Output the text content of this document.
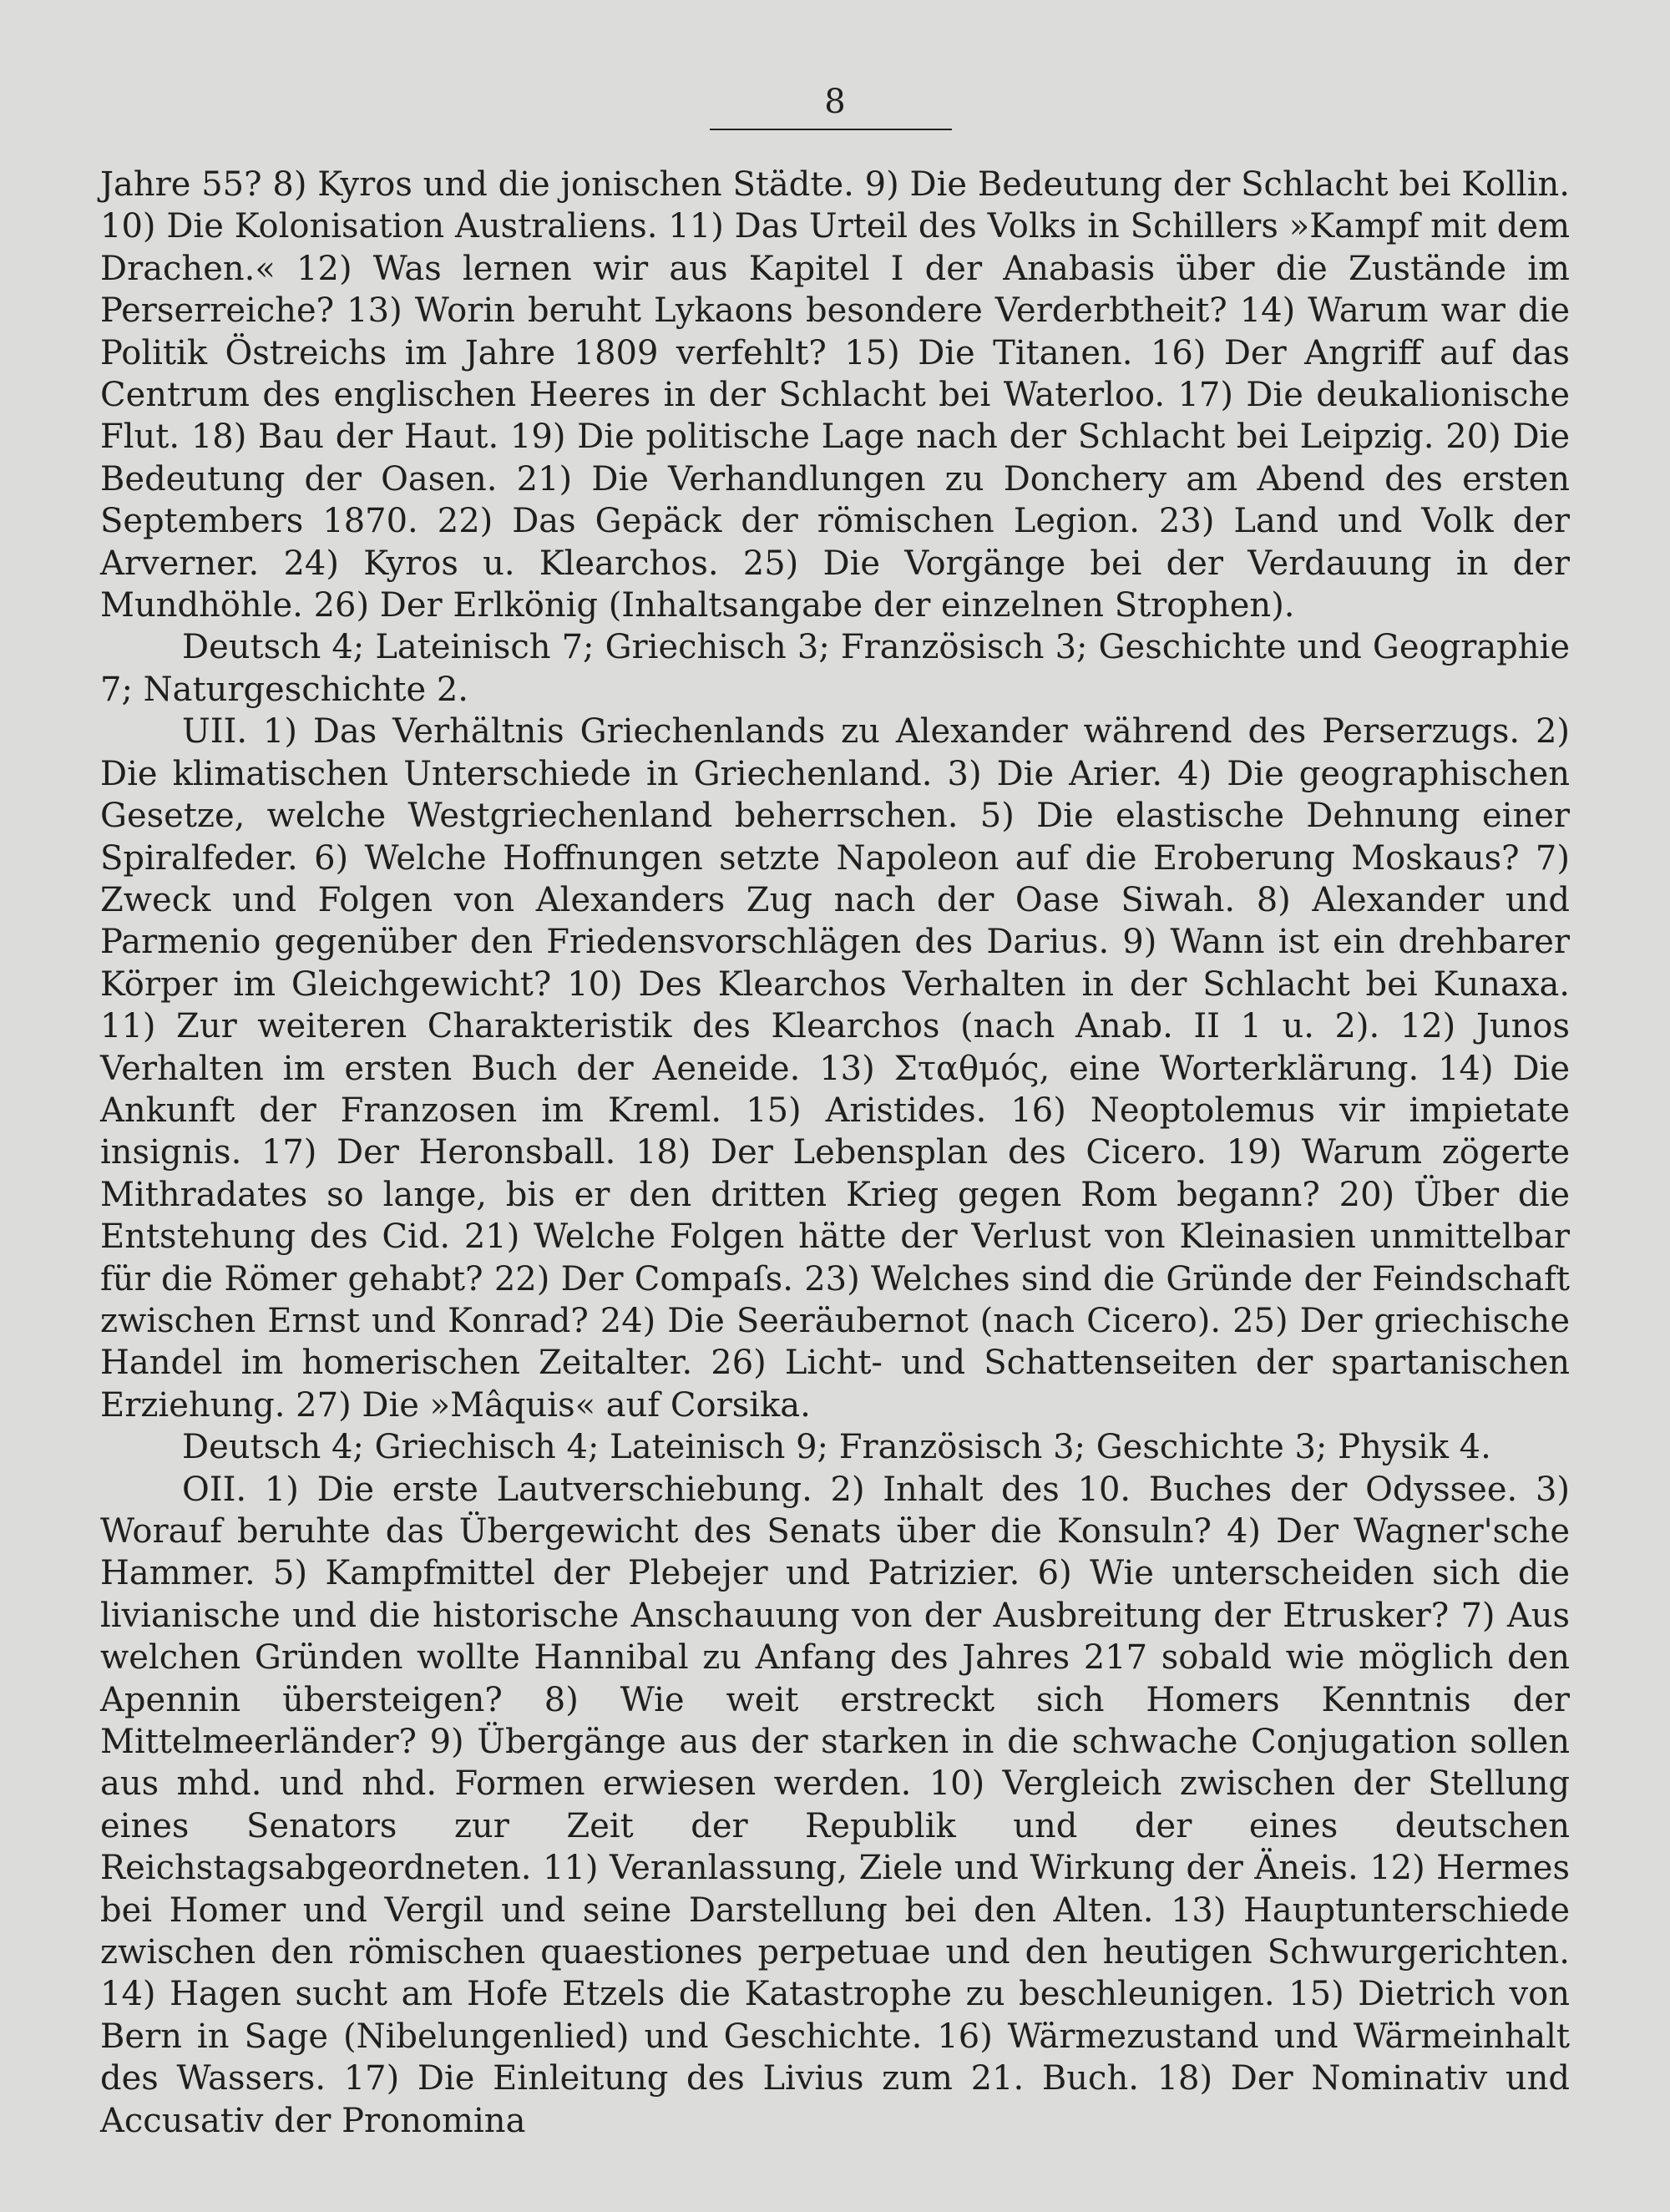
8

Jahre 55? 8) Kyros und die jonischen Städte. 9) Die Bedeutung der Schlacht bei Kollin. 10) Die Kolonisation Australiens. 11) Das Urteil des Volks in Schillers »Kampf mit dem Drachen.« 12) Was lernen wir aus Kapitel I der Anabasis über die Zustände im Perserreiche? 13) Worin beruht Lykaons besondere Verderbtheit? 14) Warum war die Politik Östreichs im Jahre 1809 verfehlt? 15) Die Titanen. 16) Der Angriff auf das Centrum des englischen Heeres in der Schlacht bei Waterloo. 17) Die deukalionische Flut. 18) Bau der Haut. 19) Die politische Lage nach der Schlacht bei Leipzig. 20) Die Bedeutung der Oasen. 21) Die Verhandlungen zu Donchery am Abend des ersten Septembers 1870. 22) Das Gepäck der römischen Legion. 23) Land und Volk der Arverner. 24) Kyros u. Klearchos. 25) Die Vorgänge bei der Verdauung in der Mundhöhle. 26) Der Erlkönig (Inhaltsangabe der einzelnen Strophen).

Deutsch 4; Lateinisch 7; Griechisch 3; Französisch 3; Geschichte und Geographie 7; Naturgeschichte 2.

UII. 1) Das Verhältnis Griechenlands zu Alexander während des Perserzugs. 2) Die klimatischen Unterschiede in Griechenland. 3) Die Arier. 4) Die geographischen Gesetze, welche Westgriechenland beherrschen. 5) Die elastische Dehnung einer Spiralfeder. 6) Welche Hoffnungen setzte Napoleon auf die Eroberung Moskaus? 7) Zweck und Folgen von Alexanders Zug nach der Oase Siwah. 8) Alexander und Parmenio gegenüber den Friedensvorschlägen des Darius. 9) Wann ist ein drehbarer Körper im Gleichgewicht? 10) Des Klearchos Verhalten in der Schlacht bei Kunaxa. 11) Zur weiteren Charakteristik des Klearchos (nach Anab. II 1 u. 2). 12) Junos Verhalten im ersten Buch der Aeneide. 13) Σταθμός, eine Worterklärung. 14) Die Ankunft der Franzosen im Kreml. 15) Aristides. 16) Neoptolemus vir impietate insignis. 17) Der Heronsball. 18) Der Lebensplan des Cicero. 19) Warum zögerte Mithradates so lange, bis er den dritten Krieg gegen Rom begann? 20) Über die Entstehung des Cid. 21) Welche Folgen hätte der Verlust von Kleinasien unmittelbar für die Römer gehabt? 22) Der Compaſs. 23) Welches sind die Gründe der Feindschaft zwischen Ernst und Konrad? 24) Die Seeräubernot (nach Cicero). 25) Der griechische Handel im homerischen Zeitalter. 26) Licht- und Schattenseiten der spartanischen Erziehung. 27) Die »Mâquis« auf Corsika.

Deutsch 4; Griechisch 4; Lateinisch 9; Französisch 3; Geschichte 3; Physik 4.

OII. 1) Die erste Lautverschiebung. 2) Inhalt des 10. Buches der Odyssee. 3) Worauf beruhte das Übergewicht des Senats über die Konsuln? 4) Der Wagner'sche Hammer. 5) Kampfmittel der Plebejer und Patrizier. 6) Wie unterscheiden sich die livianische und die historische Anschauung von der Ausbreitung der Etrusker? 7) Aus welchen Gründen wollte Hannibal zu Anfang des Jahres 217 sobald wie möglich den Apennin übersteigen? 8) Wie weit erstreckt sich Homers Kenntnis der Mittelmeerländer? 9) Übergänge aus der starken in die schwache Conjugation sollen aus mhd. und nhd. Formen erwiesen werden. 10) Vergleich zwischen der Stellung eines Senators zur Zeit der Republik und der eines deutschen Reichstagsabgeordneten. 11) Veranlassung, Ziele und Wirkung der Äneis. 12) Hermes bei Homer und Vergil und seine Darstellung bei den Alten. 13) Hauptunterschiede zwischen den römischen quaestiones perpetuae und den heutigen Schwurgerichten. 14) Hagen sucht am Hofe Etzels die Katastrophe zu beschleunigen. 15) Dietrich von Bern in Sage (Nibelungenlied) und Geschichte. 16) Wärmezustand und Wärmeinhalt des Wassers. 17) Die Einleitung des Livius zum 21. Buch. 18) Der Nominativ und Accusativ der Pronomina
